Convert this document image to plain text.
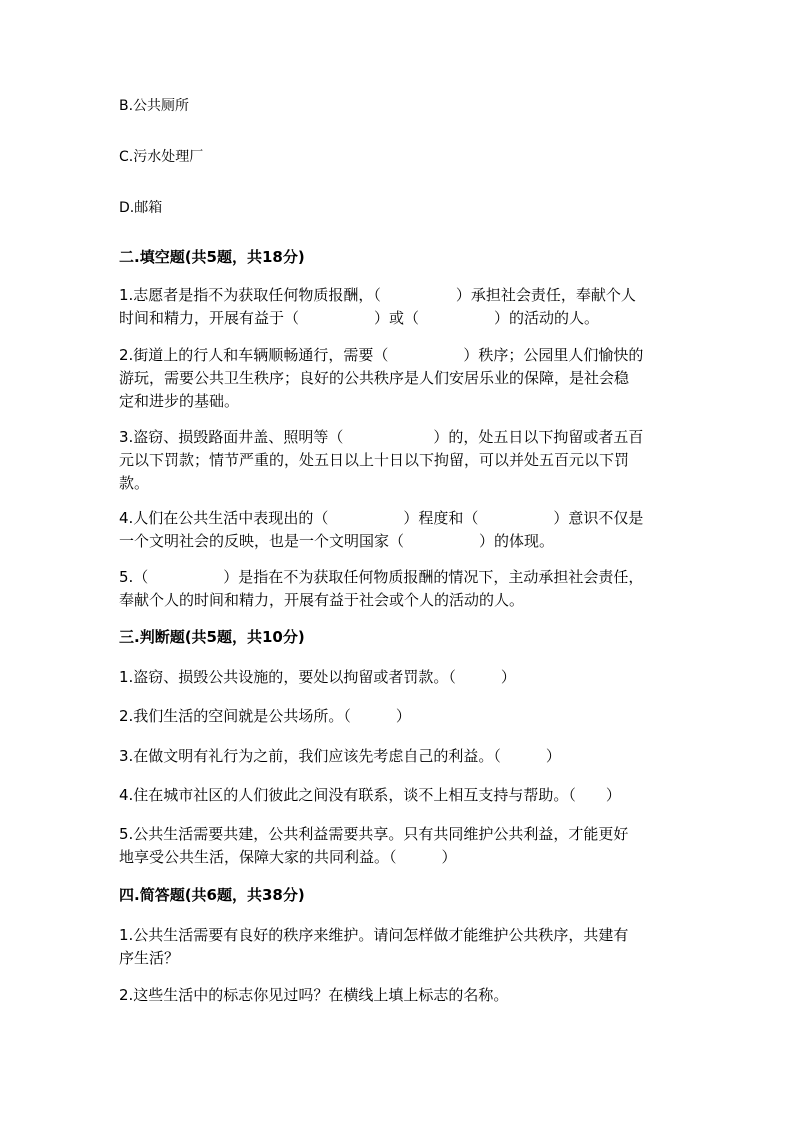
B.公共厕所
C.污水处理厂
D.邮箱
二.填空题(共5题，共18分)
1.志愿者是指不为获取任何物质报酬，（　　　　　）承担社会责任，奉献个人
时间和精力，开展有益于（　　　　　）或（　　　　　）的活动的人。
2.街道上的行人和车辆顺畅通行，需要（　　　　　）秩序；公园里人们愉快的
游玩，需要公共卫生秩序；良好的公共秩序是人们安居乐业的保障，是社会稳
定和进步的基础。
3.盗窃、损毁路面井盖、照明等（　　　　　　）的，处五日以下拘留或者五百
元以下罚款；情节严重的，处五日以上十日以下拘留，可以并处五百元以下罚
款。
4.人们在公共生活中表现出的（　　　　　）程度和（　　　　　）意识不仅是
一个文明社会的反映，也是一个文明国家（　　　　　）的体现。
5.（　　　　　）是指在不为获取任何物质报酬的情况下，主动承担社会责任，
奉献个人的时间和精力，开展有益于社会或个人的活动的人。
三.判断题(共5题，共10分)
1.盗窃、损毁公共设施的，要处以拘留或者罚款。（　　　）
2.我们生活的空间就是公共场所。（　　　）
3.在做文明有礼行为之前，我们应该先考虑自己的利益。（　　　）
4.住在城市社区的人们彼此之间没有联系，谈不上相互支持与帮助。（　　）
5.公共生活需要共建，公共利益需要共享。只有共同维护公共利益，才能更好
地享受公共生活，保障大家的共同利益。（　　　）
四.简答题(共6题，共38分)
1.公共生活需要有良好的秩序来维护。请问怎样做才能维护公共秩序，共建有
序生活？
2.这些生活中的标志你见过吗？在横线上填上标志的名称。
